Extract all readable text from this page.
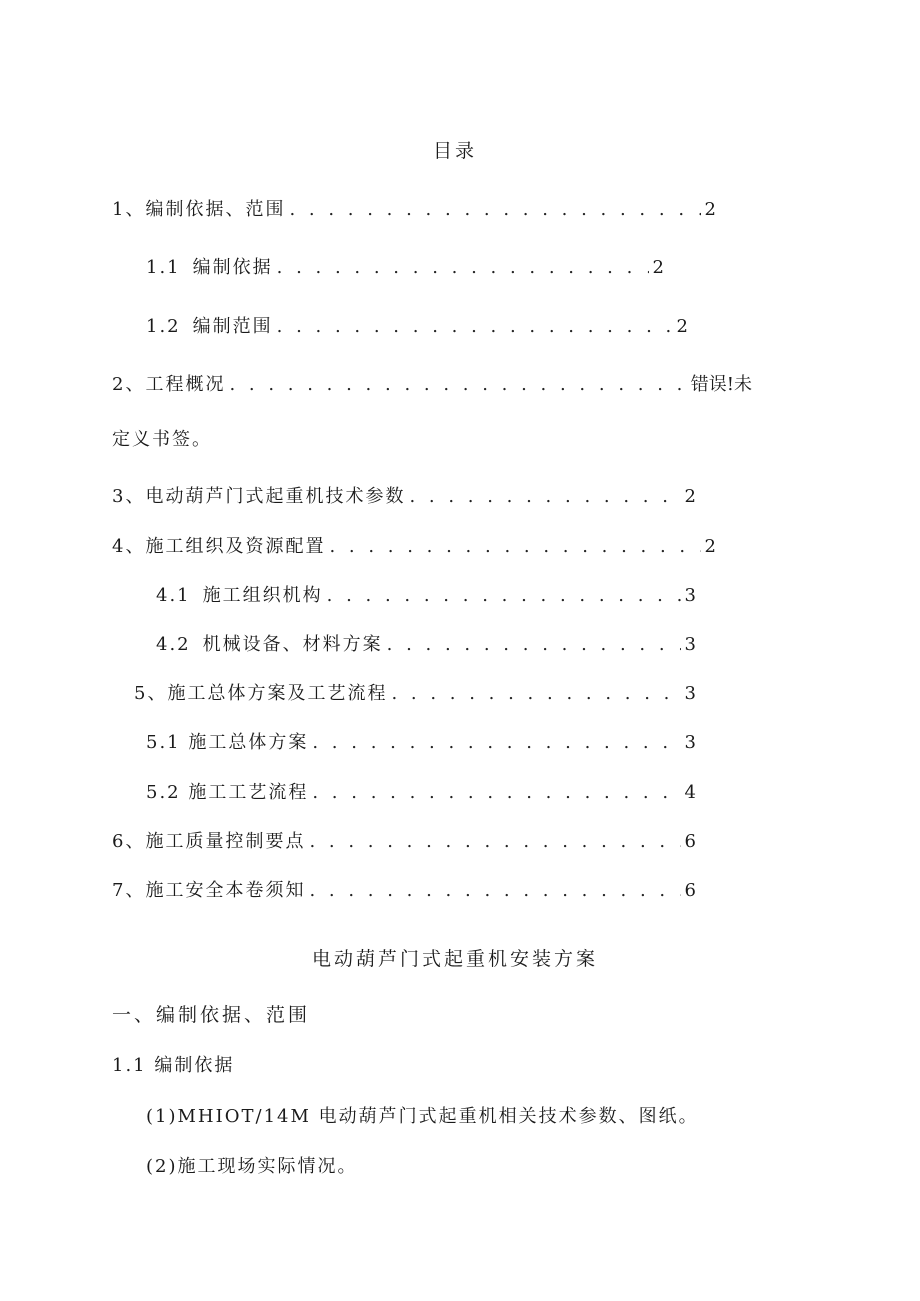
目录
1、编制依据、范围 . . .	2
1.1 编制依据 . . .	2
1.2 编制范围 . . .	2
2、工程概况 . . .	错误!未
定义书签。
3、电动葫芦门式起重机技术参数 . . .	2
4、施工组织及资源配置 . . .	2
4.1 施工组织机构 . . .	3
4.2 机械设备、材料方案 . . .	3
5、施工总体方案及工艺流程 . . .	3
5.1 施工总体方案 . . .	3
5.2 施工工艺流程 . . .	4
6、施工质量控制要点 . . .	6
7、施工安全本卷须知 . . .	6
电动葫芦门式起重机安装方案
一、编制依据、范围
1.1 编制依据
(1)MHIOT/14M 电动葫芦门式起重机相关技术参数、图纸。
(2)施工现场实际情况。
